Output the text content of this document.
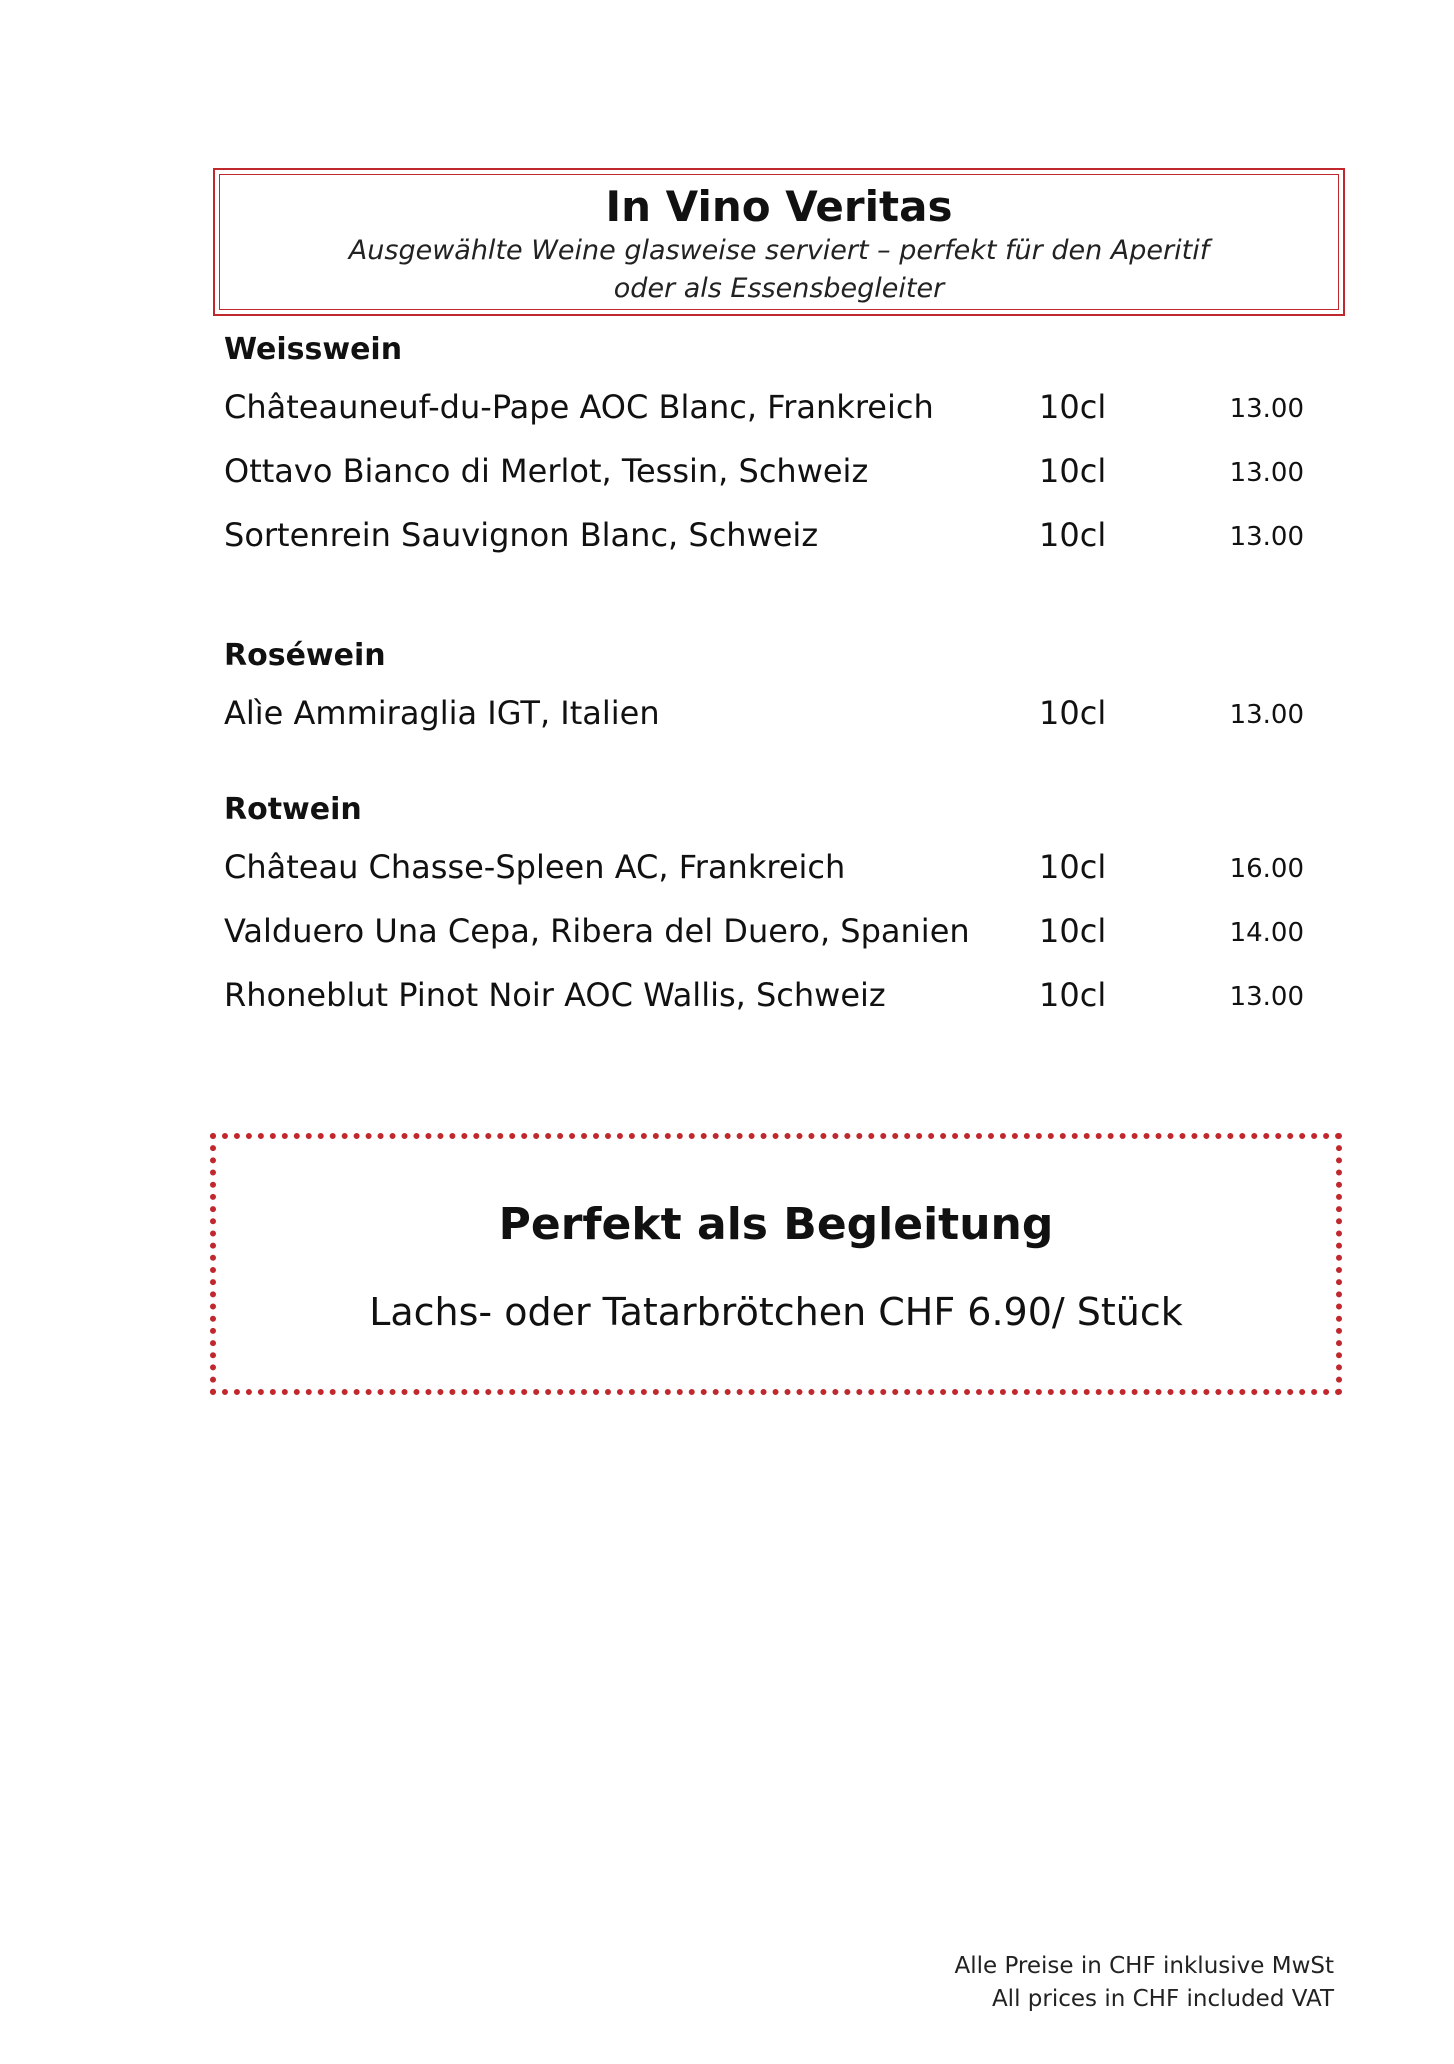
In Vino Veritas
Ausgewählte Weine glasweise serviert – perfekt für den Aperitif
oder als Essensbegleiter
Weisswein
Châteauneuf-du-Pape AOC Blanc, Frankreich	10cl	13.00
Ottavo Bianco di Merlot, Tessin, Schweiz	10cl	13.00
Sortenrein Sauvignon Blanc, Schweiz	10cl	13.00
Roséwein
Alìe Ammiraglia IGT, Italien	10cl	13.00
Rotwein
Château Chasse-Spleen AC, Frankreich	10cl	16.00
Valduero Una Cepa, Ribera del Duero, Spanien 10cl	14.00
Rhoneblut Pinot Noir AOC Wallis, Schweiz	10cl	13.00
Perfekt als Begleitung
Lachs- oder Tatarbrötchen CHF 6.90/ Stück
Alle Preise in CHF inklusive MwSt
All prices in CHF included VAT
